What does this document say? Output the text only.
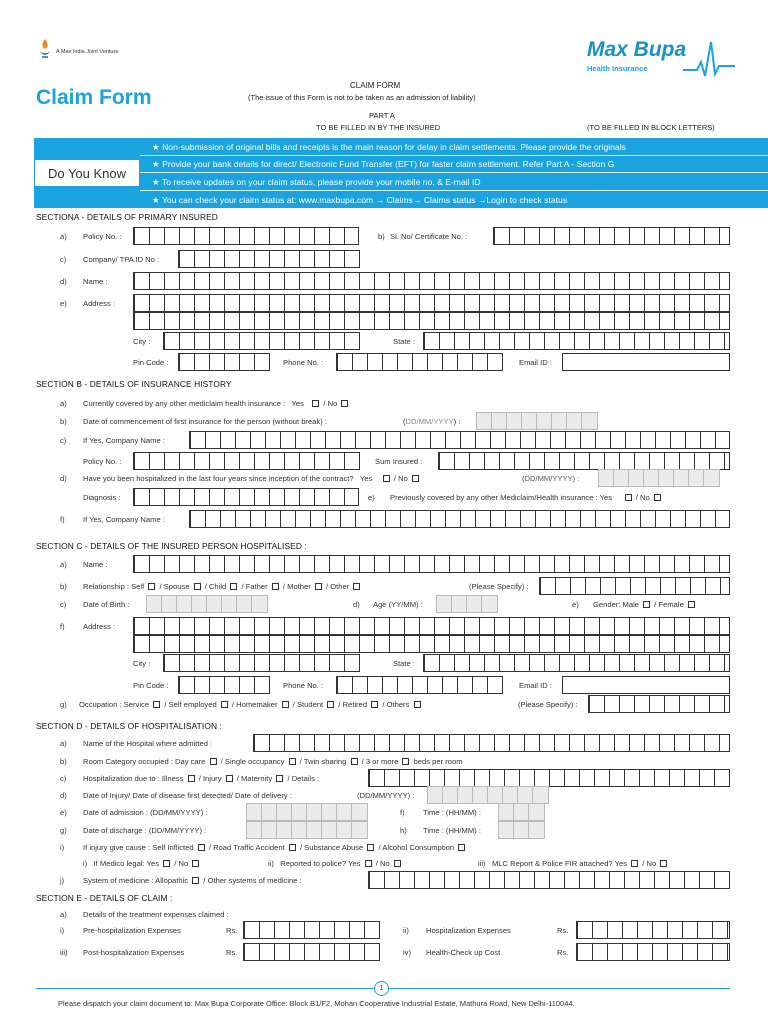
A Max India Joint Venture
Claim Form
CLAIM FORM
(The issue of this Form is not to be taken as an admission of liability)
PART A
TO BE FILLED IN BY THE INSURED	(TO BE FILLED IN BLOCK LETTERS)
Max Bupa
Health Insurance
★ Non-submission of original bills and receipts is the main reason for delay in claim settlements. Please provide the originals
★ Provide your bank details for direct/ Electronic Fund Transfer (EFT) for faster claim settlement. Refer Part A - Section G
★ To receive updates on your claim status, please provide your mobile no. & E-mail ID
★ You can check your claim status at: www.maxbupa.com → Claims→ Claims status →Login to check status
Do You Know
SECTIONA - DETAILS OF PRIMARY INSURED
a) Policy No. :	b) Sl. No/ Certificate No. :
c) Company/ TPA ID No :
d) Name :
e) Address :
City :	State :
Pin Code :	Phone No. :	Email ID :
SECTION B - DETAILS OF INSURANCE HISTORY
a) Currently covered by any other mediclaim health insurance : Yes	/ No
b) Date of commencement of first insurance for the person (without break) :	(DD/MM/YYYY) :
c) If Yes, Company Name :
Policy No. :	Sum Insured :
d) Have you been hospitalized in the last four years since inception of the contract? Yes	/ No	(DD/MM/YYYY) :
Diagnosis :	e) Previously covered by any other Mediclaim/Health insurance : Yes	/ No
f) If Yes, Company Name :
SECTION C - DETAILS OF THE INSURED PERSON HOSPITALISED :
a) Name :
b) Relationship : Self / Spouse / Child / Father / Mother / Other	(Please Specify) :
c) Date of Birth :	d) Age (YY/MM) :	e) Gender: Male / Female
f) Address :
City :	State :
Pin Code :	Phone No. :	Email ID :
g) Occupation : Service / Self employed / Homemaker / Student / Retired / Others	(Please Specify) :
SECTION D - DETAILS OF HOSPITALISATION :
a) Name of the Hospital where admitted :
b) Room Category occupied : Day care / Single occupancy / Twin sharing / 3 or more beds per room
c) Hospitalization due to : Illness / Injury / Maternity / Details :
d) Date of Injury/ Date of disease first detected/ Date of delivery :	(DD/MM/YYYY) :
e) Date of admission : (DD/MM/YYYY) :	f) Time : (HH/MM) :
g) Date of discharge : (DD/MM/YYYY) :	h) Time : (HH/MM) :
i) If injury give cause : Self Inflicted / Road Traffic Accident / Substance Abuse / Alcohol Consumption
i) If Medico legal: Yes / No	ii) Reported to police? Yes / No	iii) MLC Report & Police FIR attached? Yes / No
j) System of medicine : Allopathic / Other systems of medicine :
SECTION E - DETAILS OF CLAIM :
a) Details of the treatment expenses claimed :
i) Pre-hospitalization Expenses	Rs.	ii) Hospitalization Expenses	Rs.
iii) Post-hospitalization Expenses	Rs.	iv) Health-Check up Cost	Rs.
1
Please dispatch your claim document to: Max Bupa Corporate Office: Block B1/F2, Mohan Cooperative Industrial Estate, Mathura Road, New Delhi-110044.
